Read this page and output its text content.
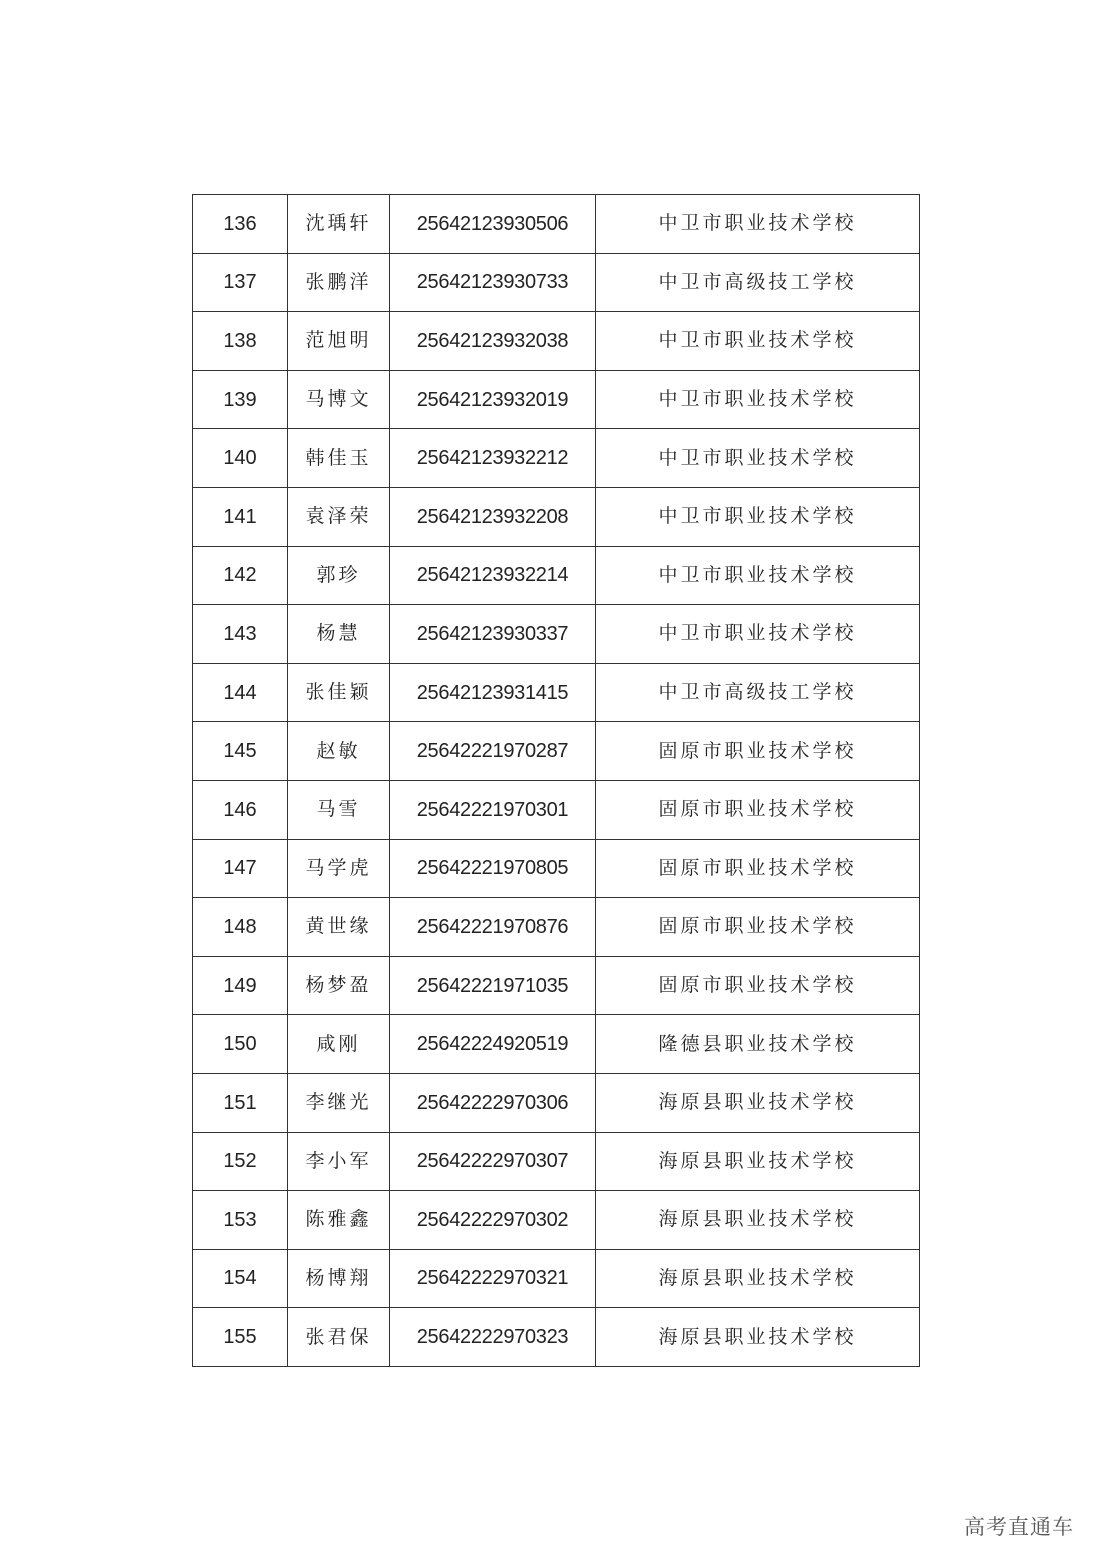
136	沈瑀轩	25642123930506	中卫市职业技术学校
137	张鹏洋	25642123930733	中卫市高级技工学校
138	范旭明	25642123932038	中卫市职业技术学校
139	马博文	25642123932019	中卫市职业技术学校
140	韩佳玉	25642123932212	中卫市职业技术学校
141	袁泽荣	25642123932208	中卫市职业技术学校
142	郭珍	25642123932214	中卫市职业技术学校
143	杨慧	25642123930337	中卫市职业技术学校
144	张佳颖	25642123931415	中卫市高级技工学校
145	赵敏	25642221970287	固原市职业技术学校
146	马雪	25642221970301	固原市职业技术学校
147	马学虎	25642221970805	固原市职业技术学校
148	黄世缘	25642221970876	固原市职业技术学校
149	杨梦盈	25642221971035	固原市职业技术学校
150	咸刚	25642224920519	隆德县职业技术学校
151	李继光	25642222970306	海原县职业技术学校
152	李小军	25642222970307	海原县职业技术学校
153	陈雅鑫	25642222970302	海原县职业技术学校
154	杨博翔	25642222970321	海原县职业技术学校
155	张君保	25642222970323	海原县职业技术学校
高考直通车
